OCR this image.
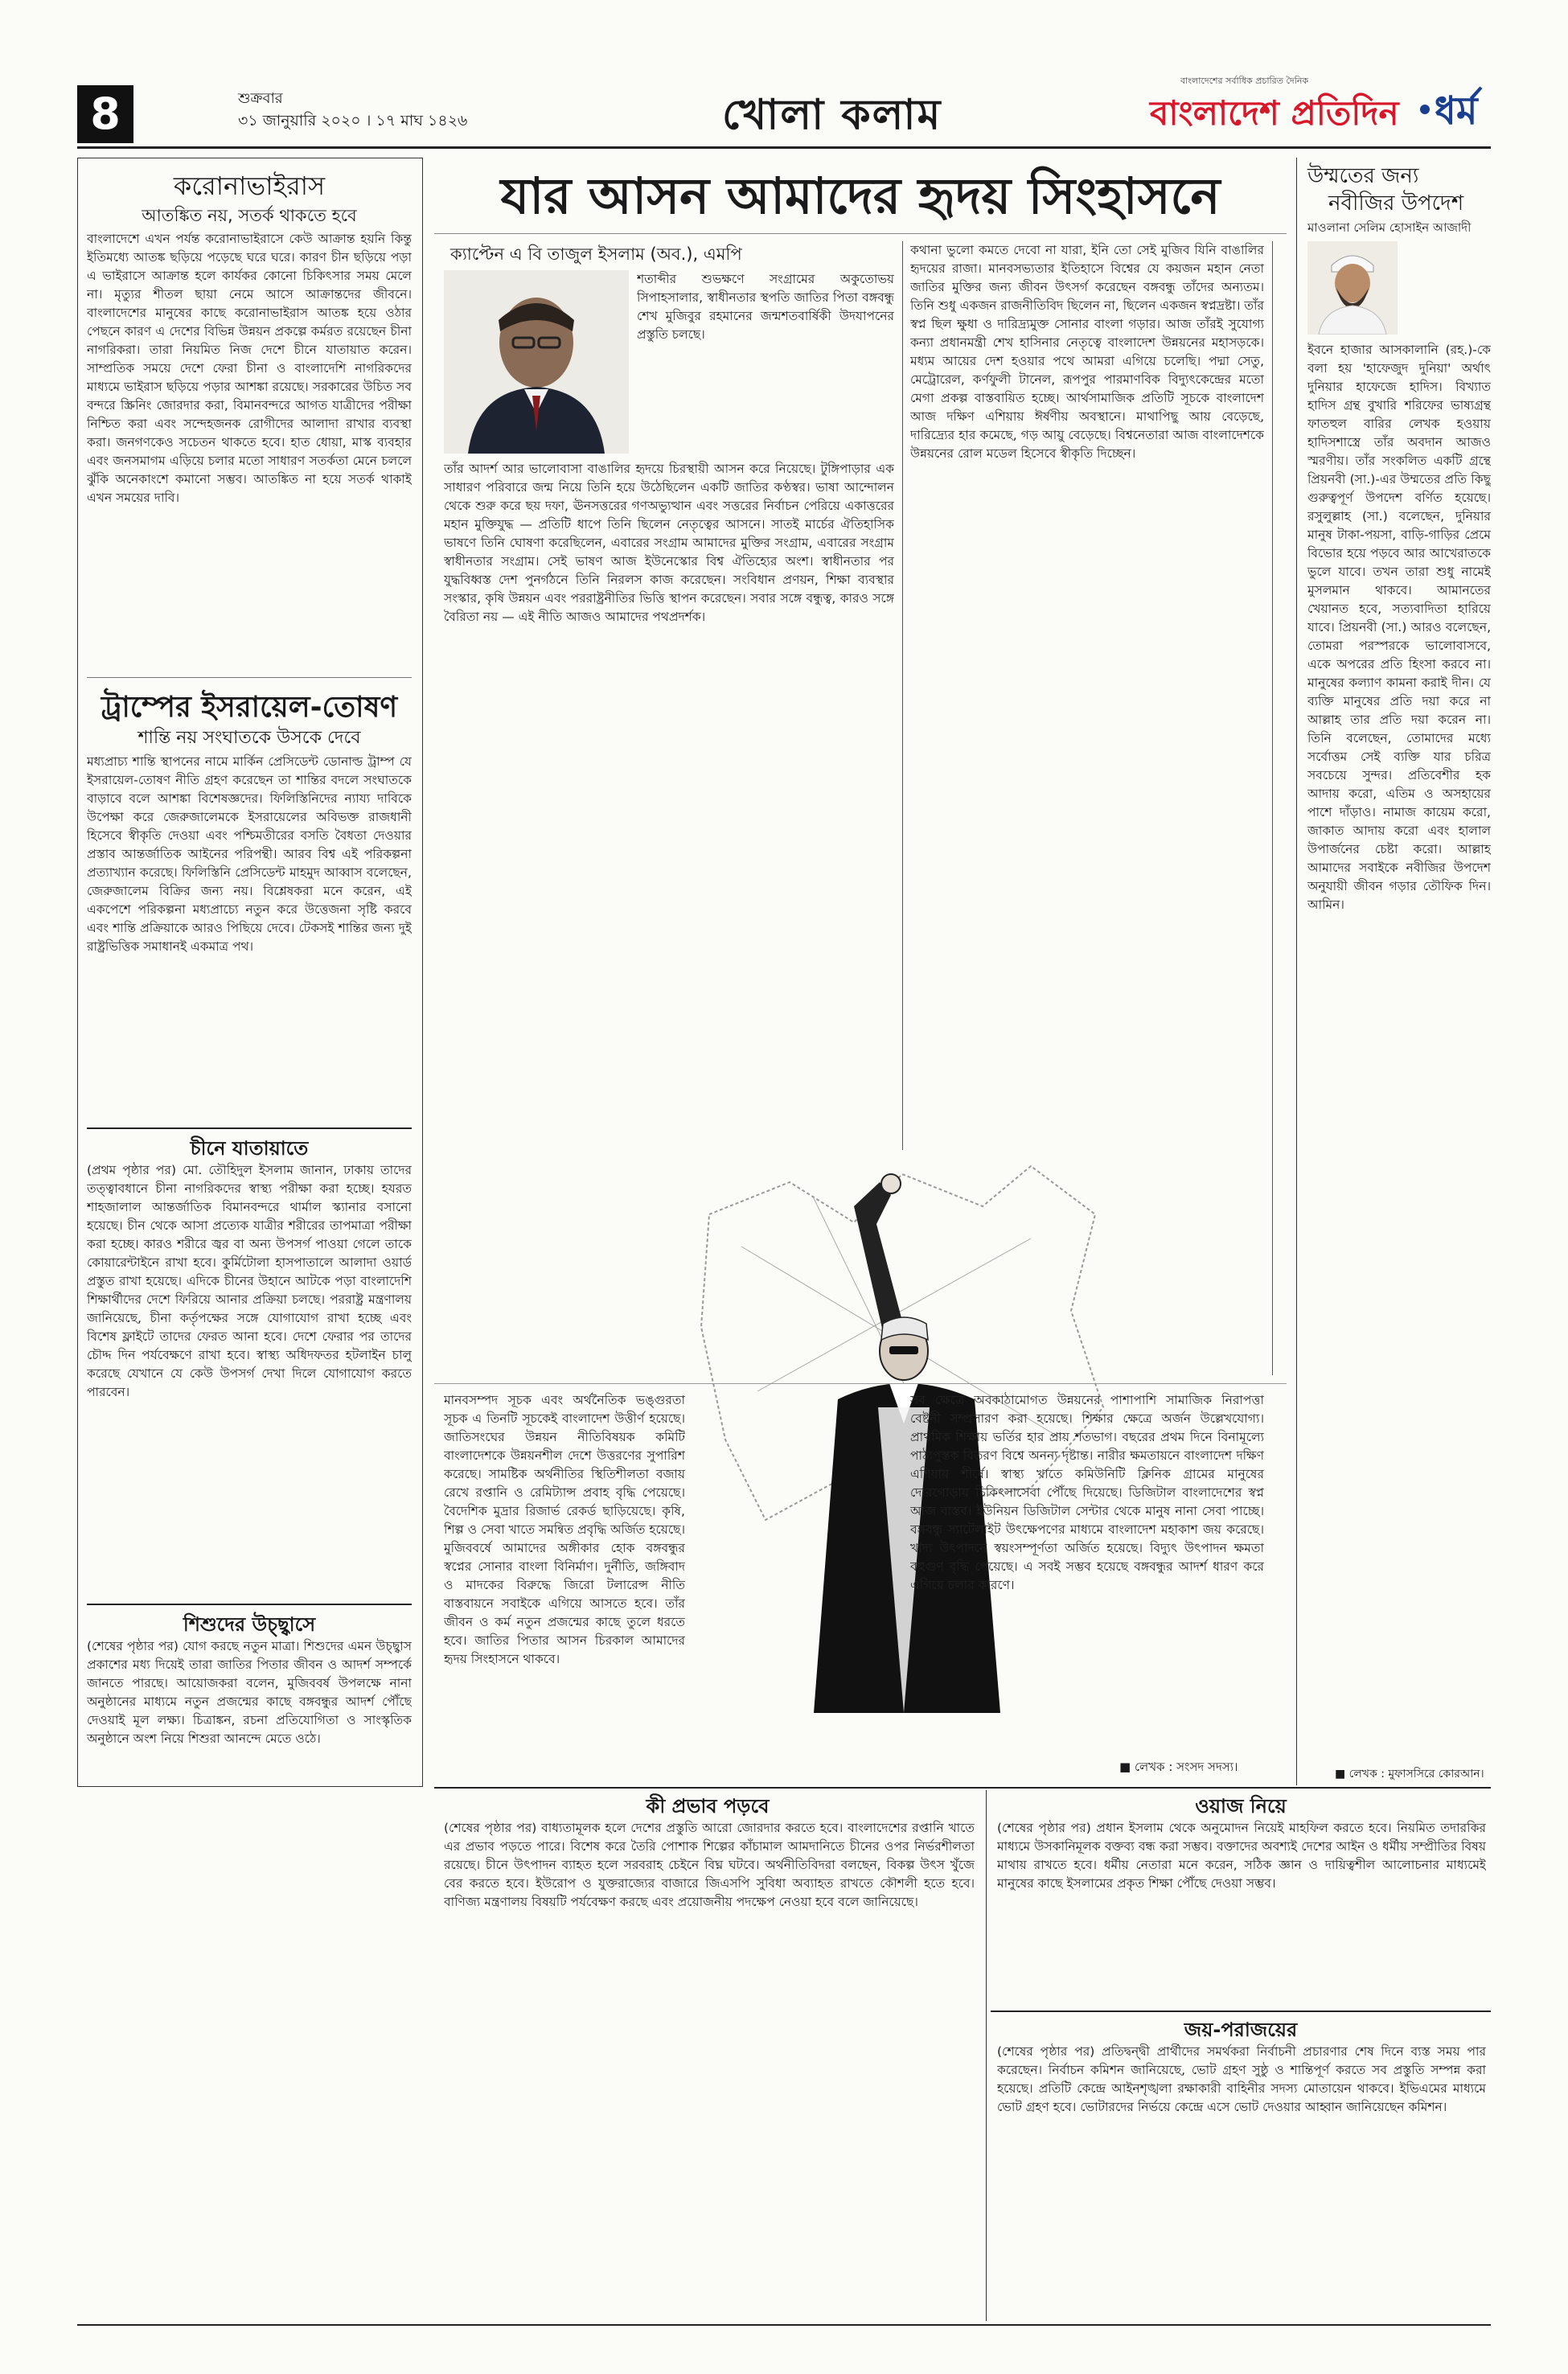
8	শুক্রবার
৩১ জানুয়ারি ২০২০ । ১৭ মাঘ ১৪২৬	খোলা কলাম
বাংলাদেশের সর্বাধিক প্রচারিত দৈনিক
বাংলাদেশ প্রতিদিন ধর্ম
করোনাভাইরাস
আতঙ্কিত নয়, সতর্ক থাকতে হবে
বাংলাদেশে এখন পর্যন্ত করোনাভাইরাসে কেউ আক্রান্ত হয়নি কিন্তু ইতিমধ্যে আতঙ্ক ছড়িয়ে পড়েছে ঘরে ঘরে। কারণ চীন ছড়িয়ে পড়া এ ভাইরাসে আক্রান্ত হলে কার্যকর কোনো চিকিৎসার সময় মেলে না। মৃত্যুর শীতল ছায়া নেমে আসে আক্রান্তদের জীবনে। বাংলাদেশের মানুষের কাছে করোনাভাইরাস আতঙ্ক হয়ে ওঠার পেছনে কারণ এ দেশের বিভিন্ন উন্নয়ন প্রকল্পে কর্মরত রয়েছেন চীনা নাগরিকরা। তারা নিয়মিত নিজ দেশে চীনে যাতায়াত করেন। সাম্প্রতিক সময়ে দেশে ফেরা চীনা ও বাংলাদেশি নাগরিকদের মাধ্যমে ভাইরাস ছড়িয়ে পড়ার আশঙ্কা রয়েছে। সরকারের উচিত সব বন্দরে স্ক্রিনিং জোরদার করা, বিমানবন্দরে আগত যাত্রীদের পরীক্ষা নিশ্চিত করা এবং সন্দেহজনক রোগীদের আলাদা রাখার ব্যবস্থা করা। জনগণকেও সচেতন থাকতে হবে। হাত ধোয়া, মাস্ক ব্যবহার এবং জনসমাগম এড়িয়ে চলার মতো সাধারণ সতর্কতা মেনে চললে ঝুঁকি অনেকাংশে কমানো সম্ভব। আতঙ্কিত না হয়ে সতর্ক থাকাই এখন সময়ের দাবি।
ট্রাম্পের ইসরায়েল-তোষণ
শান্তি নয় সংঘাতকে উসকে দেবে
মধ্যপ্রাচ্য শান্তি স্থাপনের নামে মার্কিন প্রেসিডেন্ট ডোনাল্ড ট্রাম্প যে ইসরায়েল-তোষণ নীতি গ্রহণ করেছেন তা শান্তির বদলে সংঘাতকে বাড়াবে বলে আশঙ্কা বিশেষজ্ঞদের। ফিলিস্তিনিদের ন্যায্য দাবিকে উপেক্ষা করে জেরুজালেমকে ইসরায়েলের অবিভক্ত রাজধানী হিসেবে স্বীকৃতি দেওয়া এবং পশ্চিমতীরের বসতি বৈধতা দেওয়ার প্রস্তাব আন্তর্জাতিক আইনের পরিপন্থী। আরব বিশ্ব এই পরিকল্পনা প্রত্যাখ্যান করেছে। ফিলিস্তিনি প্রেসিডেন্ট মাহমুদ আব্বাস বলেছেন, জেরুজালেম বিক্রির জন্য নয়। বিশ্লেষকরা মনে করেন, এই একপেশে পরিকল্পনা মধ্যপ্রাচ্যে নতুন করে উত্তেজনা সৃষ্টি করবে এবং শান্তি প্রক্রিয়াকে আরও পিছিয়ে দেবে। টেকসই শান্তির জন্য দুই রাষ্ট্রভিত্তিক সমাধানই একমাত্র পথ।
চীনে যাতায়াতে
(প্রথম পৃষ্ঠার পর) মো. তৌহিদুল ইসলাম জানান, ঢাকায় তাদের তত্ত্বাবধানে চীনা নাগরিকদের স্বাস্থ্য পরীক্ষা করা হচ্ছে। হযরত শাহজালাল আন্তর্জাতিক বিমানবন্দরে থার্মাল স্ক্যানার বসানো হয়েছে। চীন থেকে আসা প্রত্যেক যাত্রীর শরীরের তাপমাত্রা পরীক্ষা করা হচ্ছে। কারও শরীরে জ্বর বা অন্য উপসর্গ পাওয়া গেলে তাকে কোয়ারেন্টাইনে রাখা হবে। কুর্মিটোলা হাসপাতালে আলাদা ওয়ার্ড প্রস্তুত রাখা হয়েছে। এদিকে চীনের উহানে আটকে পড়া বাংলাদেশি শিক্ষার্থীদের দেশে ফিরিয়ে আনার প্রক্রিয়া চলছে। পররাষ্ট্র মন্ত্রণালয় জানিয়েছে, চীনা কর্তৃপক্ষের সঙ্গে যোগাযোগ রাখা হচ্ছে এবং বিশেষ ফ্লাইটে তাদের ফেরত আনা হবে। দেশে ফেরার পর তাদের চৌদ্দ দিন পর্যবেক্ষণে রাখা হবে। স্বাস্থ্য অধিদফতর হটলাইন চালু করেছে যেখানে যে কেউ উপসর্গ দেখা দিলে যোগাযোগ করতে পারবেন।
শিশুদের উচ্ছ্বাসে
(শেষের পৃষ্ঠার পর) যোগ করছে নতুন মাত্রা। শিশুদের এমন উচ্ছ্বাস প্রকাশের মধ্য দিয়েই তারা জাতির পিতার জীবন ও আদর্শ সম্পর্কে জানতে পারছে। আয়োজকরা বলেন, মুজিববর্ষ উপলক্ষে নানা অনুষ্ঠানের মাধ্যমে নতুন প্রজন্মের কাছে বঙ্গবন্ধুর আদর্শ পৌঁছে দেওয়াই মূল লক্ষ্য। চিত্রাঙ্কন, রচনা প্রতিযোগিতা ও সাংস্কৃতিক অনুষ্ঠানে অংশ নিয়ে শিশুরা আনন্দে মেতে ওঠে।
যার আসন আমাদের হৃদয় সিংহাসনে
ক্যাপ্টেন এ বি তাজুল ইসলাম (অব.), এমপি
শতাব্দীর শুভক্ষণে সংগ্রামের অকুতোভয় সিপাহসালার, স্বাধীনতার স্থপতি জাতির পিতা বঙ্গবন্ধু শেখ মুজিবুর রহমানের জন্মশতবার্ষিকী উদযাপনের প্রস্তুতি চলছে।
তাঁর আদর্শ আর ভালোবাসা বাঙালির হৃদয়ে চিরস্থায়ী আসন করে নিয়েছে। টুঙ্গিপাড়ার এক সাধারণ পরিবারে জন্ম নিয়ে তিনি হয়ে উঠেছিলেন একটি জাতির কণ্ঠস্বর। ভাষা আন্দোলন থেকে শুরু করে ছয় দফা, ঊনসত্তরের গণঅভ্যুত্থান এবং সত্তরের নির্বাচন পেরিয়ে একাত্তরের মহান মুক্তিযুদ্ধ — প্রতিটি ধাপে তিনি ছিলেন নেতৃত্বের আসনে। সাতই মার্চের ঐতিহাসিক ভাষণে তিনি ঘোষণা করেছিলেন, এবারের সংগ্রাম আমাদের মুক্তির সংগ্রাম, এবারের সংগ্রাম স্বাধীনতার সংগ্রাম। সেই ভাষণ আজ ইউনেস্কোর বিশ্ব ঐতিহ্যের অংশ। স্বাধীনতার পর যুদ্ধবিধ্বস্ত দেশ পুনর্গঠনে তিনি নিরলস কাজ করেছেন। সংবিধান প্রণয়ন, শিক্ষা ব্যবস্থার সংস্কার, কৃষি উন্নয়ন এবং পররাষ্ট্রনীতির ভিত্তি স্থাপন করেছেন। সবার সঙ্গে বন্ধুত্ব, কারও সঙ্গে বৈরিতা নয় — এই নীতি আজও আমাদের পথপ্রদর্শক।
কথানা ভুলো কমতে দেবো না যারা, ইনি তো সেই মুজিব যিনি বাঙালির হৃদয়ের রাজা। মানবসভ্যতার ইতিহাসে বিশ্বের যে কয়জন মহান নেতা জাতির মুক্তির জন্য জীবন উৎসর্গ করেছেন বঙ্গবন্ধু তাঁদের অন্যতম। তিনি শুধু একজন রাজনীতিবিদ ছিলেন না, ছিলেন একজন স্বপ্নদ্রষ্টা। তাঁর স্বপ্ন ছিল ক্ষুধা ও দারিদ্র্যমুক্ত সোনার বাংলা গড়ার। আজ তাঁরই সুযোগ্য কন্যা প্রধানমন্ত্রী শেখ হাসিনার নেতৃত্বে বাংলাদেশ উন্নয়নের মহাসড়কে। মধ্যম আয়ের দেশ হওয়ার পথে আমরা এগিয়ে চলেছি। পদ্মা সেতু, মেট্রোরেল, কর্ণফুলী টানেল, রূপপুর পারমাণবিক বিদ্যুৎকেন্দ্রের মতো মেগা প্রকল্প বাস্তবায়িত হচ্ছে। আর্থসামাজিক প্রতিটি সূচকে বাংলাদেশ আজ দক্ষিণ এশিয়ায় ঈর্ষণীয় অবস্থানে। মাথাপিছু আয় বেড়েছে, দারিদ্র্যের হার কমেছে, গড় আয়ু বেড়েছে। বিশ্বনেতারা আজ বাংলাদেশকে উন্নয়নের রোল মডেল হিসেবে স্বীকৃতি দিচ্ছেন।
সব ক্ষেত্রে অবকাঠামোগত উন্নয়নের পাশাপাশি সামাজিক নিরাপত্তা বেষ্টনী সম্প্রসারণ করা হয়েছে। শিক্ষার ক্ষেত্রে অর্জন উল্লেখযোগ্য। প্রাথমিক শিক্ষায় ভর্তির হার প্রায় শতভাগ। বছরের প্রথম দিনে বিনামূল্যে পাঠ্যপুস্তক বিতরণ বিশ্বে অনন্য দৃষ্টান্ত। নারীর ক্ষমতায়নে বাংলাদেশ দক্ষিণ এশিয়ায় শীর্ষে। স্বাস্থ্য খাতে কমিউনিটি ক্লিনিক গ্রামের মানুষের দোরগোড়ায় চিকিৎসাসেবা পৌঁছে দিয়েছে। ডিজিটাল বাংলাদেশের স্বপ্ন আজ বাস্তব। ইউনিয়ন ডিজিটাল সেন্টার থেকে মানুষ নানা সেবা পাচ্ছে। বঙ্গবন্ধু স্যাটেলাইট উৎক্ষেপণের মাধ্যমে বাংলাদেশ মহাকাশ জয় করেছে। খাদ্য উৎপাদনে স্বয়ংসম্পূর্ণতা অর্জিত হয়েছে। বিদ্যুৎ উৎপাদন ক্ষমতা বহুগুণ বৃদ্ধি পেয়েছে। এ সবই সম্ভব হয়েছে বঙ্গবন্ধুর আদর্শ ধারণ করে এগিয়ে চলার কারণে।
মানবসম্পদ সূচক এবং অর্থনৈতিক ভঙ্গুরতা সূচক এ তিনটি সূচকেই বাংলাদেশ উত্তীর্ণ হয়েছে। জাতিসংঘের উন্নয়ন নীতিবিষয়ক কমিটি বাংলাদেশকে উন্নয়নশীল দেশে উত্তরণের সুপারিশ করেছে। সামষ্টিক অর্থনীতির স্থিতিশীলতা বজায় রেখে রপ্তানি ও রেমিট্যান্স প্রবাহ বৃদ্ধি পেয়েছে। বৈদেশিক মুদ্রার রিজার্ভ রেকর্ড ছাড়িয়েছে। কৃষি, শিল্প ও সেবা খাতে সমন্বিত প্রবৃদ্ধি অর্জিত হয়েছে। মুজিববর্ষে আমাদের অঙ্গীকার হোক বঙ্গবন্ধুর স্বপ্নের সোনার বাংলা বিনির্মাণ। দুর্নীতি, জঙ্গিবাদ ও মাদকের বিরুদ্ধে জিরো টলারেন্স নীতি বাস্তবায়নে সবাইকে এগিয়ে আসতে হবে। তাঁর জীবন ও কর্ম নতুন প্রজন্মের কাছে তুলে ধরতে হবে। জাতির পিতার আসন চিরকাল আমাদের হৃদয় সিংহাসনে থাকবে।
■ লেখক : সংসদ সদস্য।
উম্মতের জন্য
নবীজির উপদেশ
মাওলানা সেলিম হোসাইন আজাদী
ইবনে হাজার আসকালানি (রহ.)-কে বলা হয় 'হাফেজুদ দুনিয়া' অর্থাৎ দুনিয়ার হাফেজে হাদিস। বিখ্যাত হাদিস গ্রন্থ বুখারি শরিফের ভাষ্যগ্রন্থ ফাতহুল বারির লেখক হওয়ায় হাদিসশাস্ত্রে তাঁর অবদান আজও স্মরণীয়। তাঁর সংকলিত একটি গ্রন্থে প্রিয়নবী (সা.)-এর উম্মতের প্রতি কিছু গুরুত্বপূর্ণ উপদেশ বর্ণিত হয়েছে। রসুলুল্লাহ (সা.) বলেছেন, দুনিয়ার মানুষ টাকা-পয়সা, বাড়ি-গাড়ির প্রেমে বিভোর হয়ে পড়বে আর আখেরাতকে ভুলে যাবে। তখন তারা শুধু নামেই মুসলমান থাকবে। আমানতের খেয়ানত হবে, সত্যবাদিতা হারিয়ে যাবে। প্রিয়নবী (সা.) আরও বলেছেন, তোমরা পরস্পরকে ভালোবাসবে, একে অপরের প্রতি হিংসা করবে না। মানুষের কল্যাণ কামনা করাই দীন। যে ব্যক্তি মানুষের প্রতি দয়া করে না আল্লাহ তার প্রতি দয়া করেন না। তিনি বলেছেন, তোমাদের মধ্যে সর্বোত্তম সেই ব্যক্তি যার চরিত্র সবচেয়ে সুন্দর। প্রতিবেশীর হক আদায় করো, এতিম ও অসহায়ের পাশে দাঁড়াও। নামাজ কায়েম করো, জাকাত আদায় করো এবং হালাল উপার্জনের চেষ্টা করো। আল্লাহ আমাদের সবাইকে নবীজির উপদেশ অনুযায়ী জীবন গড়ার তৌফিক দিন। আমিন।
■ লেখক : মুফাসসিরে কোরআন।
কী প্রভাব পড়বে
(শেষের পৃষ্ঠার পর) বাধ্যতামূলক হলে দেশের প্রস্তুতি আরো জোরদার করতে হবে। বাংলাদেশের রপ্তানি খাতে এর প্রভাব পড়তে পারে। বিশেষ করে তৈরি পোশাক শিল্পের কাঁচামাল আমদানিতে চীনের ওপর নির্ভরশীলতা রয়েছে। চীনে উৎপাদন ব্যাহত হলে সরবরাহ চেইনে বিঘ্ন ঘটবে। অর্থনীতিবিদরা বলছেন, বিকল্প উৎস খুঁজে বের করতে হবে। ইউরোপ ও যুক্তরাজ্যের বাজারে জিএসপি সুবিধা অব্যাহত রাখতে কৌশলী হতে হবে। বাণিজ্য মন্ত্রণালয় বিষয়টি পর্যবেক্ষণ করছে এবং প্রয়োজনীয় পদক্ষেপ নেওয়া হবে বলে জানিয়েছে।
ওয়াজ নিয়ে
(শেষের পৃষ্ঠার পর) প্রধান ইসলাম থেকে অনুমোদন নিয়েই মাহফিল করতে হবে। নিয়মিত তদারকির মাধ্যমে উসকানিমূলক বক্তব্য বন্ধ করা সম্ভব। বক্তাদের অবশ্যই দেশের আইন ও ধর্মীয় সম্প্রীতির বিষয় মাথায় রাখতে হবে। ধর্মীয় নেতারা মনে করেন, সঠিক জ্ঞান ও দায়িত্বশীল আলোচনার মাধ্যমেই মানুষের কাছে ইসলামের প্রকৃত শিক্ষা পৌঁছে দেওয়া সম্ভব।
জয়-পরাজয়ের
(শেষের পৃষ্ঠার পর) প্রতিদ্বন্দ্বী প্রার্থীদের সমর্থকরা নির্বাচনী প্রচারণার শেষ দিনে ব্যস্ত সময় পার করেছেন। নির্বাচন কমিশন জানিয়েছে, ভোট গ্রহণ সুষ্ঠু ও শান্তিপূর্ণ করতে সব প্রস্তুতি সম্পন্ন করা হয়েছে। প্রতিটি কেন্দ্রে আইনশৃঙ্খলা রক্ষাকারী বাহিনীর সদস্য মোতায়েন থাকবে। ইভিএমের মাধ্যমে ভোট গ্রহণ হবে। ভোটারদের নির্ভয়ে কেন্দ্রে এসে ভোট দেওয়ার আহ্বান জানিয়েছেন কমিশন।
